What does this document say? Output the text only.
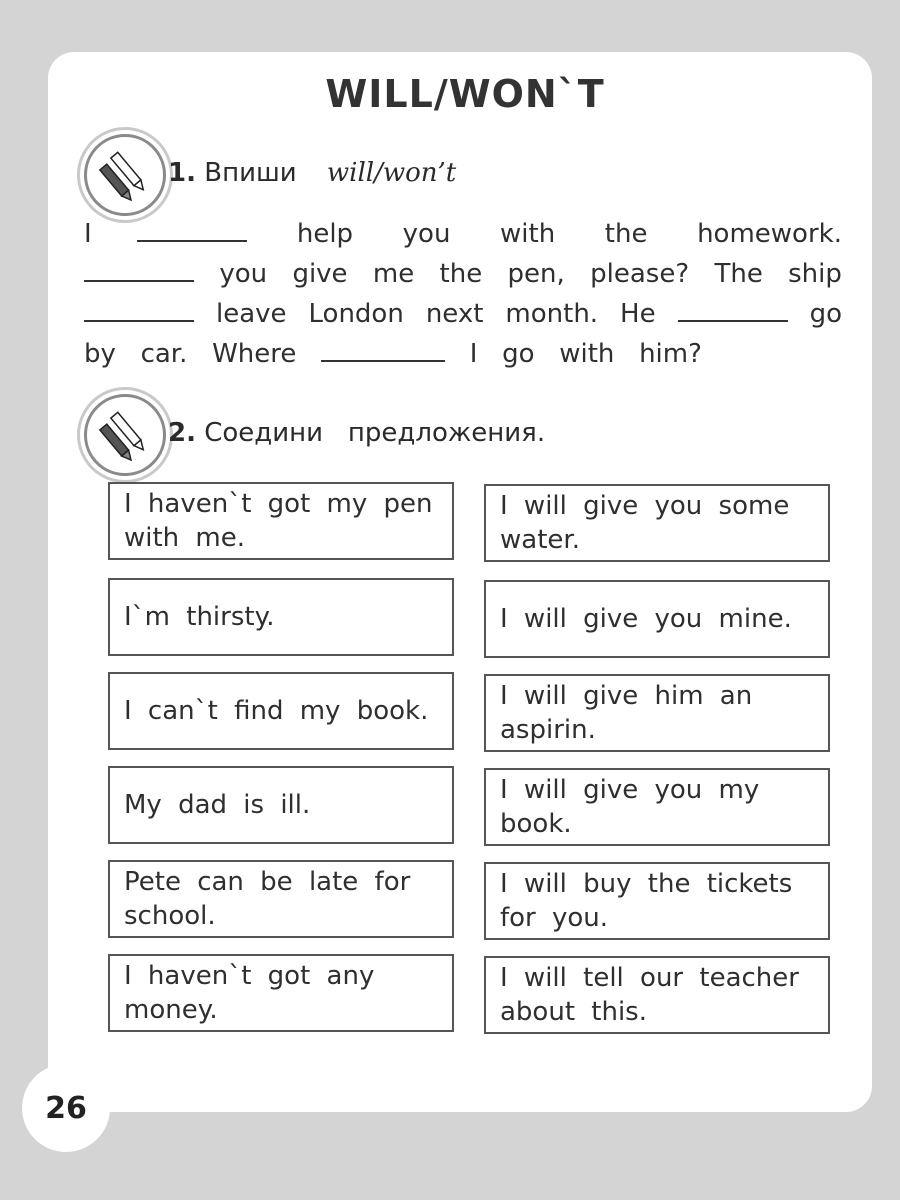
WILL/WON`T
1. Впиши will/won’t
I	help you with the homework.
you give me the pen, please? The ship
leave London next month. He	go
by car. Where	I go with him?
2. Соедини   предложения.
I haven`t got my pen with me.
I`m thirsty.
I can`t find my book.
My dad is ill.
Pete can be late for school.
I haven`t got any money.
I will give you some water.
I will give you mine.
I will give him an aspirin.
I will give you my book.
I will buy the tickets for you.
I will tell our teacher about this.
26
